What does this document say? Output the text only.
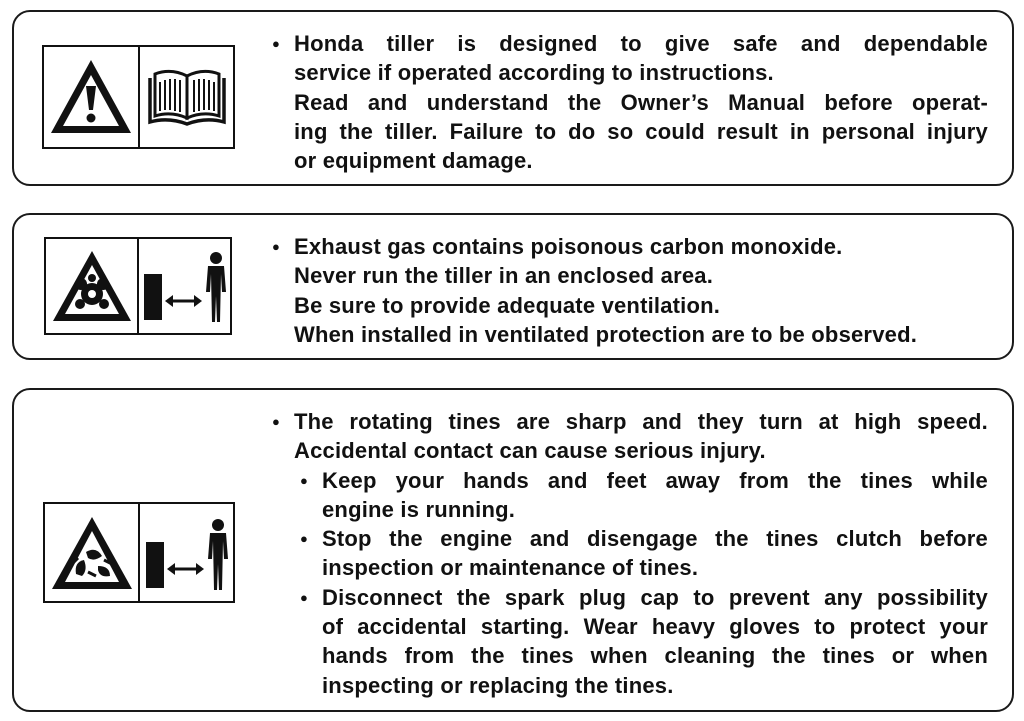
● Honda tiller is designed to give safe and dependable
service if operated according to instructions.
Read and understand the Owner’s Manual before operat-
ing the tiller. Failure to do so could result in personal injury
or equipment damage.
● Exhaust gas contains poisonous carbon monoxide.
Never run the tiller in an enclosed area.
Be sure to provide adequate ventilation.
When installed in ventilated protection are to be observed.
● The rotating tines are sharp and they turn at high speed.
Accidental contact can cause serious injury.
● Keep your hands and feet away from the tines while
engine is running.
● Stop the engine and disengage the tines clutch before
inspection or maintenance of tines.
● Disconnect the spark plug cap to prevent any possibility
of accidental starting. Wear heavy gloves to protect your
hands from the tines when cleaning the tines or when
inspecting or replacing the tines.
